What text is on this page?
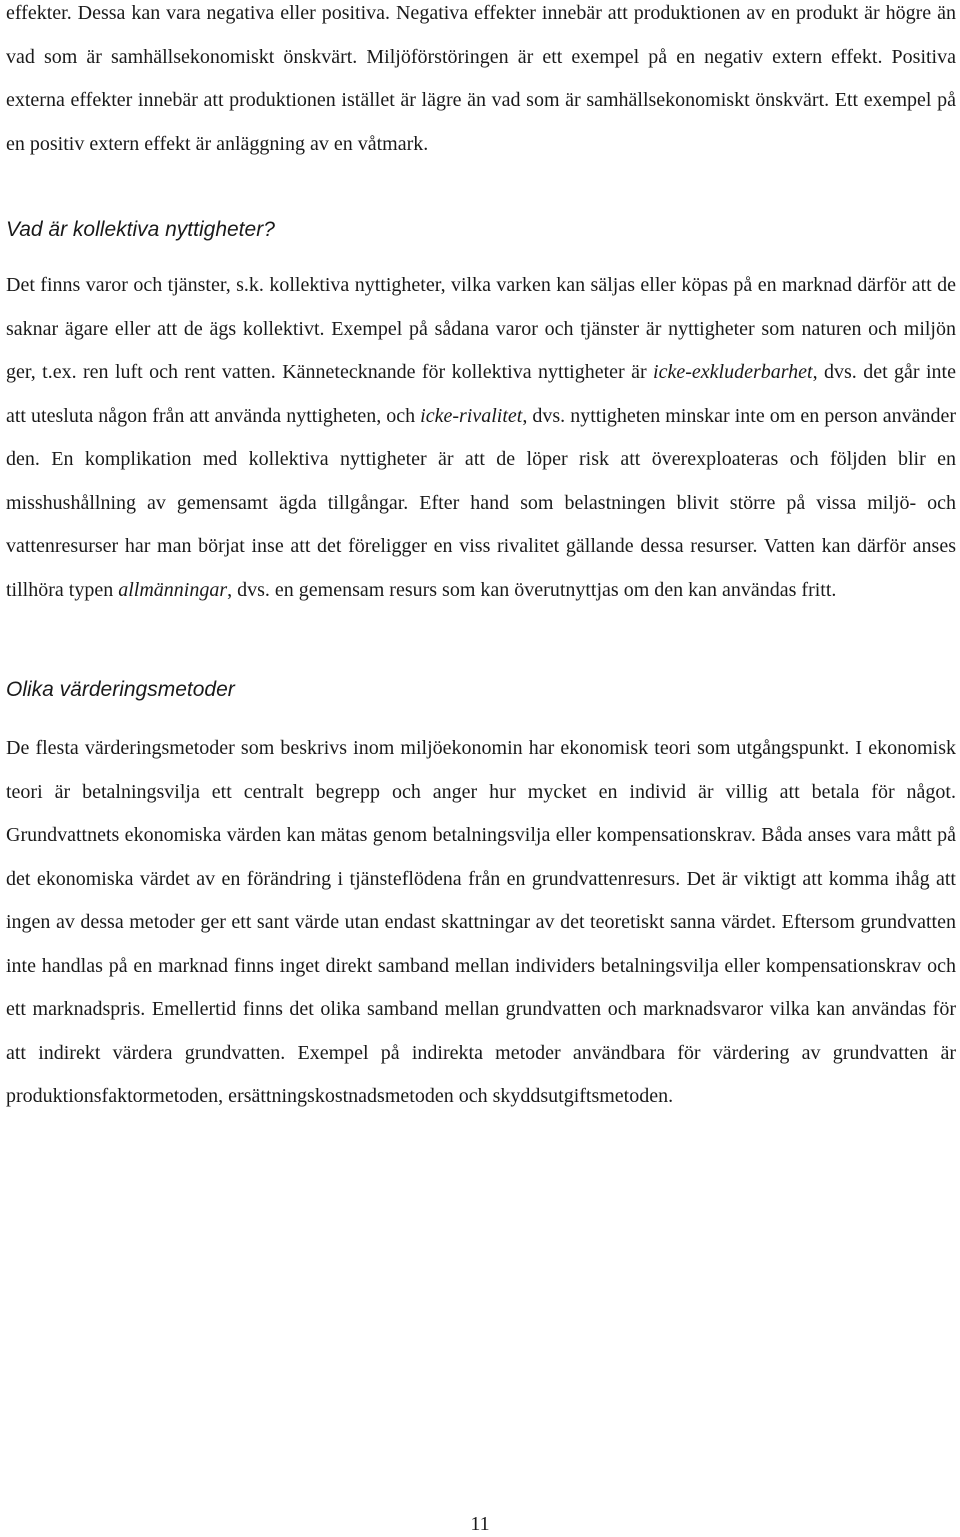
effekter. Dessa kan vara negativa eller positiva. Negativa effekter innebär att produktionen av en produkt är högre än vad som är samhällsekonomiskt önskvärt. Miljöförstöringen är ett exempel på en negativ extern effekt. Positiva externa effekter innebär att produktionen istället är lägre än vad som är samhällsekonomiskt önskvärt. Ett exempel på en positiv extern effekt är anläggning av en våtmark.

Vad är kollektiva nyttigheter?

Det finns varor och tjänster, s.k. kollektiva nyttigheter, vilka varken kan säljas eller köpas på en marknad därför att de saknar ägare eller att de ägs kollektivt. Exempel på sådana varor och tjänster är nyttigheter som naturen och miljön ger, t.ex. ren luft och rent vatten. Kännetecknande för kollektiva nyttigheter är icke-exkluderbarhet, dvs. det går inte att utesluta någon från att använda nyttigheten, och icke-rivalitet, dvs. nyttigheten minskar inte om en person använder den. En komplikation med kollektiva nyttigheter är att de löper risk att överexploateras och följden blir en misshushållning av gemensamt ägda tillgångar. Efter hand som belastningen blivit större på vissa miljö- och vattenresurser har man börjat inse att det föreligger en viss rivalitet gällande dessa resurser. Vatten kan därför anses tillhöra typen allmänningar, dvs. en gemensam resurs som kan överutnyttjas om den kan användas fritt.

Olika värderingsmetoder

De flesta värderingsmetoder som beskrivs inom miljöekonomin har ekonomisk teori som utgångspunkt. I ekonomisk teori är betalningsvilja ett centralt begrepp och anger hur mycket en individ är villig att betala för något. Grundvattnets ekonomiska värden kan mätas genom betalningsvilja eller kompensationskrav. Båda anses vara mått på det ekonomiska värdet av en förändring i tjänsteflödena från en grundvattenresurs. Det är viktigt att komma ihåg att ingen av dessa metoder ger ett sant värde utan endast skattningar av det teoretiskt sanna värdet. Eftersom grundvatten inte handlas på en marknad finns inget direkt samband mellan individers betalningsvilja eller kompensationskrav och ett marknadspris. Emellertid finns det olika samband mellan grundvatten och marknadsvaror vilka kan användas för att indirekt värdera grundvatten. Exempel på indirekta metoder användbara för värdering av grundvatten är produktionsfaktormetoden, ersättningskostnadsmetoden och skyddsutgiftsmetoden.

11
